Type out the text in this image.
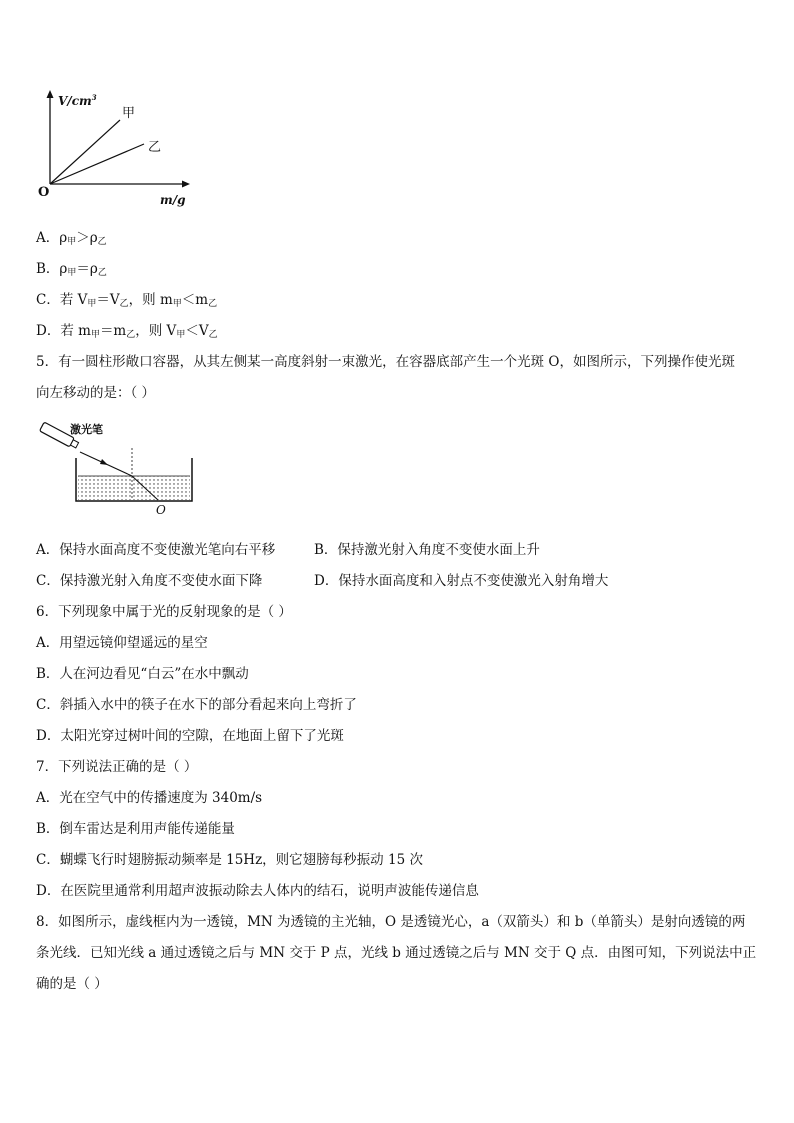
$V/cm^3$
m/g
O
甲
乙
A．$\rho_甲>\rho_乙$
B．$\rho_甲=\rho_乙$
C．若 $V_甲=V_乙$，则 $m_甲<m_乙$
D．若 $m_甲=m_乙$，则 $V_甲<V_乙$
5．有一圆柱形敞口容器，从其左侧某一高度斜射一束激光，在容器底部产生一个光斑 O，如图所示，下列操作使光斑
向左移动的是：（ ）
激光笔
O
A．保持水面高度不变使激光笔向右平移	B．保持激光射入角度不变使水面上升
C．保持激光射入角度不变使水面下降	D．保持水面高度和入射点不变使激光入射角增大
6．下列现象中属于光的反射现象的是（ ）
A．用望远镜仰望遥远的星空
B．人在河边看见“白云”在水中飘动
C．斜插入水中的筷子在水下的部分看起来向上弯折了
D．太阳光穿过树叶间的空隙，在地面上留下了光斑
7．下列说法正确的是（ ）
A．光在空气中的传播速度为 340m/s
B．倒车雷达是利用声能传递能量
C．蝴蝶飞行时翅膀振动频率是 15Hz，则它翅膀每秒振动 15 次
D．在医院里通常利用超声波振动除去人体内的结石，说明声波能传递信息
8．如图所示，虚线框内为一透镜，MN 为透镜的主光轴，O 是透镜光心，a（双箭头）和 b（单箭头）是射向透镜的两
条光线．已知光线 a 通过透镜之后与 MN 交于 P 点，光线 b 通过透镜之后与 MN 交于 Q 点．由图可知，下列说法中正
确的是（ ）
